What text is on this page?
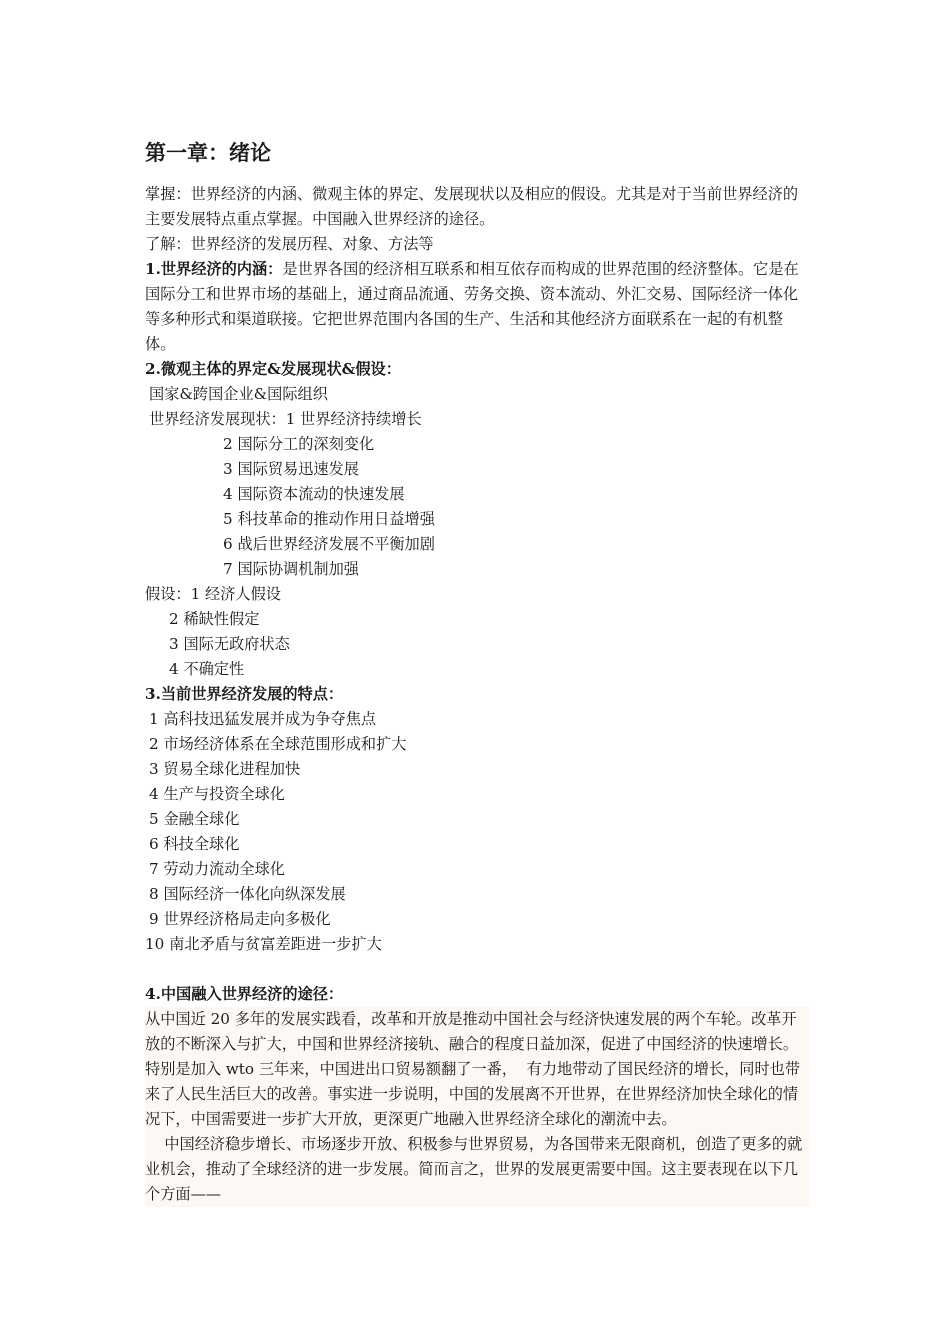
第一章：绪论

掌握：世界经济的内涵、微观主体的界定、发展现状以及相应的假设。尤其是对于当前世界经济的主要发展特点重点掌握。中国融入世界经济的途径。

了解：世界经济的发展历程、对象、方法等

1.世界经济的内涵：是世界各国的经济相互联系和相互依存而构成的世界范围的经济整体。它是在国际分工和世界市场的基础上，通过商品流通、劳务交换、资本流动、外汇交易、国际经济一体化等多种形式和渠道联接。它把世界范围内各国的生产、生活和其他经济方面联系在一起的有机整体。

2.微观主体的界定&发展现状&假设：

国家&跨国企业&国际组织

世界经济发展现状：1 世界经济持续增长

2 国际分工的深刻变化

3 国际贸易迅速发展

4 国际资本流动的快速发展

5 科技革命的推动作用日益增强

6 战后世界经济发展不平衡加剧

7 国际协调机制加强

假设：1 经济人假设

2 稀缺性假定

3 国际无政府状态

4 不确定性

3.当前世界经济发展的特点：

1 高科技迅猛发展并成为争夺焦点

2 市场经济体系在全球范围形成和扩大

3 贸易全球化进程加快

4 生产与投资全球化

5 金融全球化

6 科技全球化

7 劳动力流动全球化

8 国际经济一体化向纵深发展

9 世界经济格局走向多极化

10 南北矛盾与贫富差距进一步扩大

4.中国融入世界经济的途径：

从中国近 20 多年的发展实践看，改革和开放是推动中国社会与经济快速发展的两个车轮。改革开放的不断深入与扩大，中国和世界经济接轨、融合的程度日益加深，促进了中国经济的快速增长。特别是加入 wto 三年来，中国进出口贸易额翻了一番，  有力地带动了国民经济的增长，同时也带来了人民生活巨大的改善。事实进一步说明，中国的发展离不开世界，在世界经济加快全球化的情况下，中国需要进一步扩大开放，更深更广地融入世界经济全球化的潮流中去。

中国经济稳步增长、市场逐步开放、积极参与世界贸易，为各国带来无限商机，创造了更多的就业机会，推动了全球经济的进一步发展。简而言之，世界的发展更需要中国。这主要表现在以下几个方面——
